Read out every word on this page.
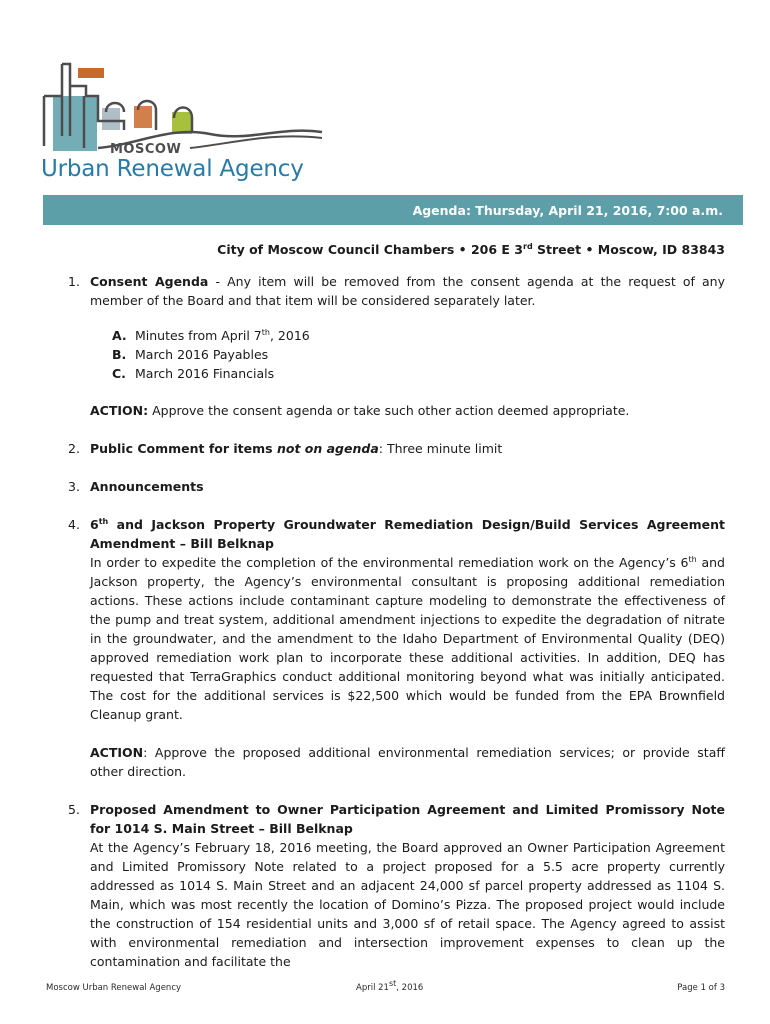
MOSCOW
Urban Renewal Agency
Agenda: Thursday, April 21, 2016, 7:00 a.m.
City of Moscow Council Chambers • 206 E 3rd Street • Moscow, ID 83843
1. Consent Agenda - Any item will be removed from the consent agenda at the request of any member of the Board and that item will be considered separately later.
A. Minutes from April 7th, 2016
B. March 2016 Payables
C. March 2016 Financials
ACTION: Approve the consent agenda or take such other action deemed appropriate.
2. Public Comment for items not on agenda: Three minute limit
3. Announcements
4. 6th and Jackson Property Groundwater Remediation Design/Build Services Agreement Amendment – Bill Belknap
In order to expedite the completion of the environmental remediation work on the Agency’s 6th and Jackson property, the Agency’s environmental consultant is proposing additional remediation actions. These actions include contaminant capture modeling to demonstrate the effectiveness of the pump and treat system, additional amendment injections to expedite the degradation of nitrate in the groundwater, and the amendment to the Idaho Department of Environmental Quality (DEQ) approved remediation work plan to incorporate these additional activities. In addition, DEQ has requested that TerraGraphics conduct additional monitoring beyond what was initially anticipated. The cost for the additional services is $22,500 which would be funded from the EPA Brownfield Cleanup grant.
ACTION: Approve the proposed additional environmental remediation services; or provide staff other direction.
5. Proposed Amendment to Owner Participation Agreement and Limited Promissory Note for 1014 S. Main Street – Bill Belknap
At the Agency’s February 18, 2016 meeting, the Board approved an Owner Participation Agreement and Limited Promissory Note related to a project proposed for a 5.5 acre property currently addressed as 1014 S. Main Street and an adjacent 24,000 sf parcel property addressed as 1104 S. Main, which was most recently the location of Domino’s Pizza. The proposed project would include the construction of 154 residential units and 3,000 sf of retail space. The Agency agreed to assist with environmental remediation and intersection improvement expenses to clean up the contamination and facilitate the
Moscow Urban Renewal Agency	April 21st, 2016	Page 1 of 3
